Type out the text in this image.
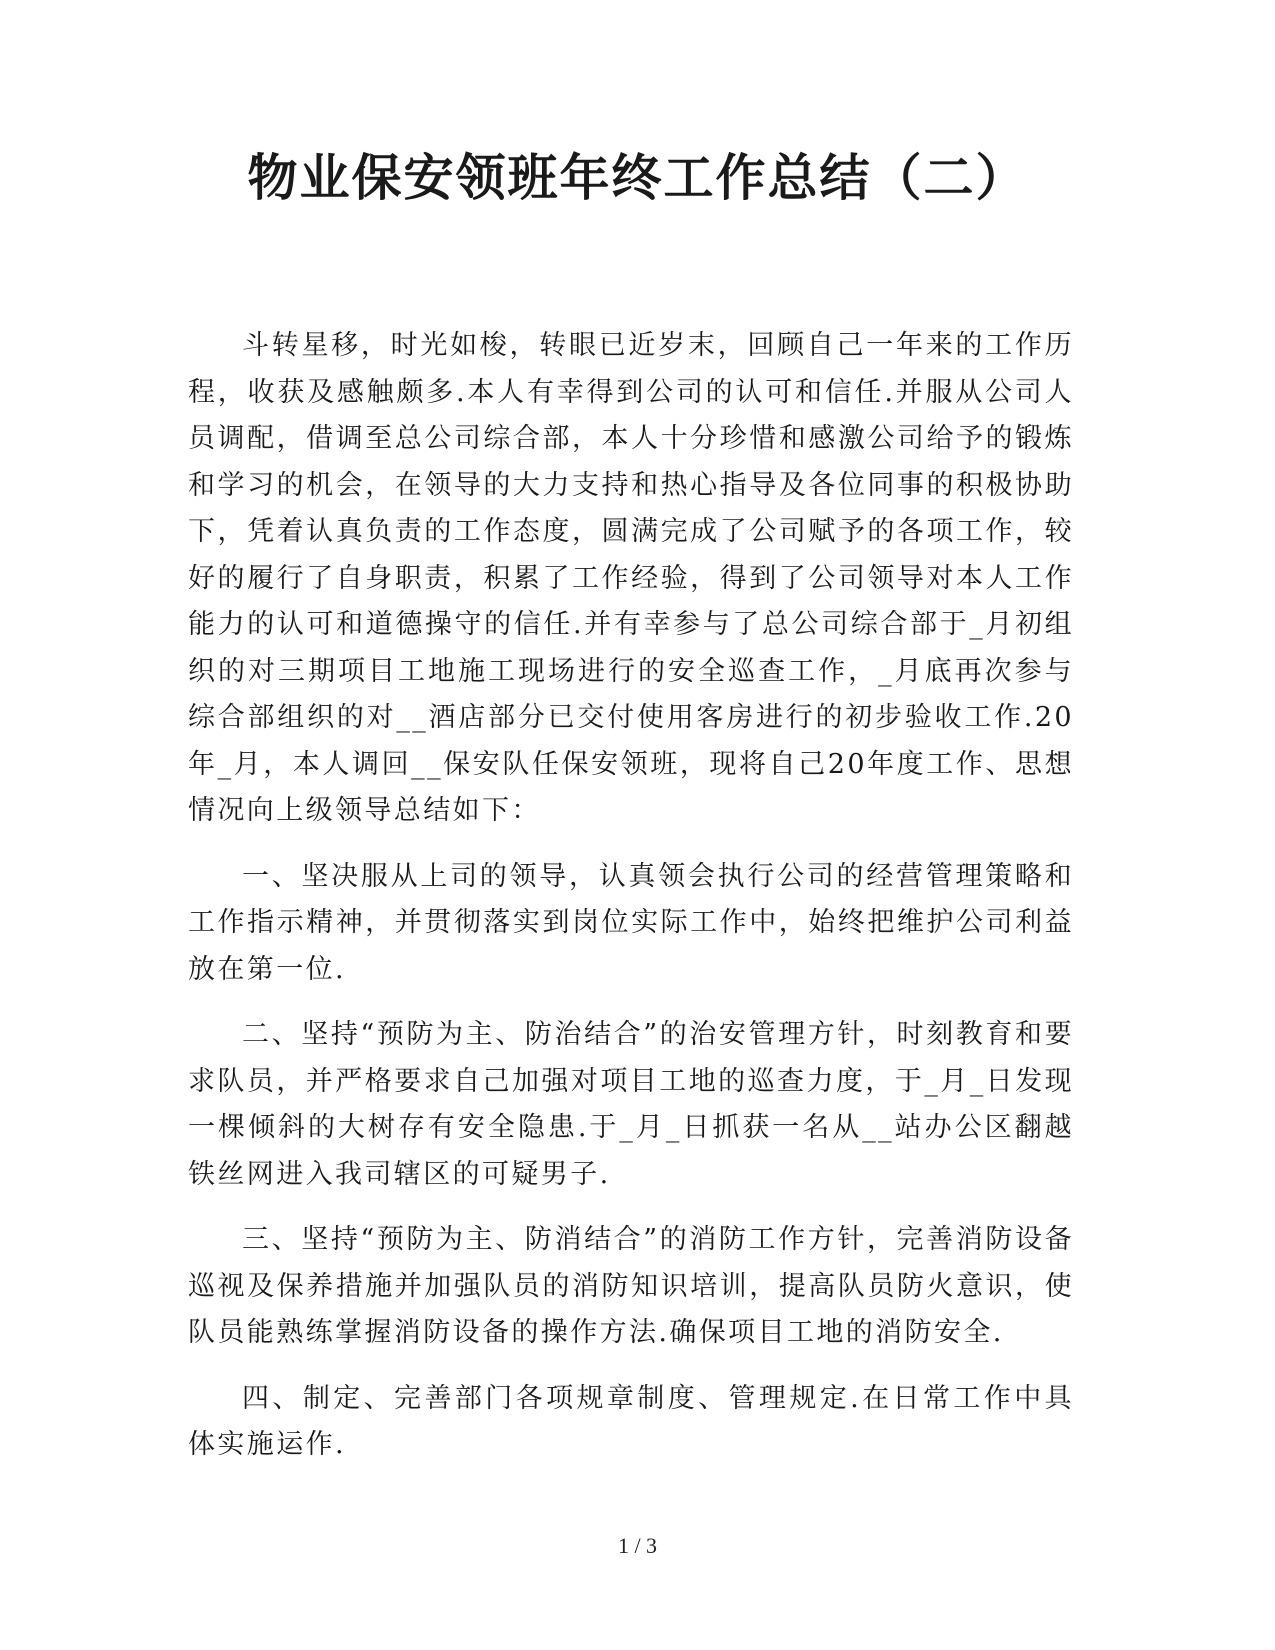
物业保安领班年终工作总结（二）

斗转星移，时光如梭，转眼已近岁末，回顾自己一年来的工作历程，收获及感触颇多.本人有幸得到公司的认可和信任.并服从公司人员调配，借调至总公司综合部，本人十分珍惜和感激公司给予的锻炼和学习的机会，在领导的大力支持和热心指导及各位同事的积极协助下，凭着认真负责的工作态度，圆满完成了公司赋予的各项工作，较好的履行了自身职责，积累了工作经验，得到了公司领导对本人工作能力的认可和道德操守的信任.并有幸参与了总公司综合部于_月初组织的对三期项目工地施工现场进行的安全巡查工作，_月底再次参与综合部组织的对__酒店部分已交付使用客房进行的初步验收工作.20年_月，本人调回__保安队任保安领班，现将自己20年度工作、思想情况向上级领导总结如下：

一、坚决服从上司的领导，认真领会执行公司的经营管理策略和工作指示精神，并贯彻落实到岗位实际工作中，始终把维护公司利益放在第一位.

二、坚持“预防为主、防治结合”的治安管理方针，时刻教育和要求队员，并严格要求自己加强对项目工地的巡查力度，于_月_日发现一棵倾斜的大树存有安全隐患.于_月_日抓获一名从__站办公区翻越铁丝网进入我司辖区的可疑男子.

三、坚持“预防为主、防消结合”的消防工作方针，完善消防设备巡视及保养措施并加强队员的消防知识培训，提高队员防火意识，使队员能熟练掌握消防设备的操作方法.确保项目工地的消防安全.

四、制定、完善部门各项规章制度、管理规定.在日常工作中具体实施运作.

1 / 3
